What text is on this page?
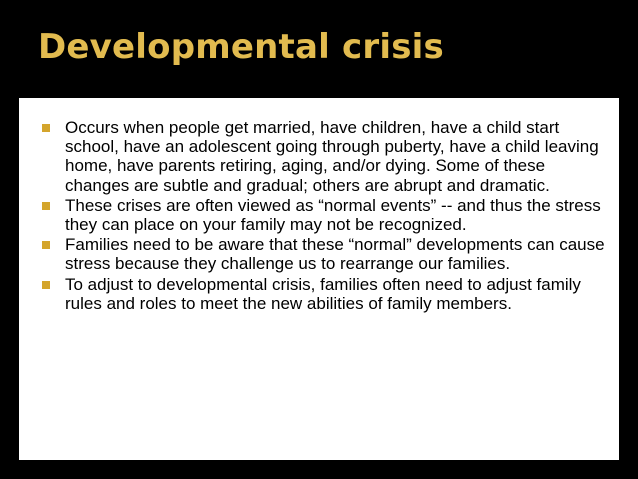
Developmental crisis
Occurs when people get married, have children, have a child start school, have an adolescent going through puberty, have a child leaving home, have parents retiring, aging, and/or dying. Some of these changes are subtle and gradual; others are abrupt and dramatic.
These crises are often viewed as “normal events” -- and thus the stress they can place on your family may not be recognized.
Families need to be aware that these “normal” developments can cause stress because they challenge us to rearrange our families.
To adjust to developmental crisis, families often need to adjust family rules and roles to meet the new abilities of family members.
